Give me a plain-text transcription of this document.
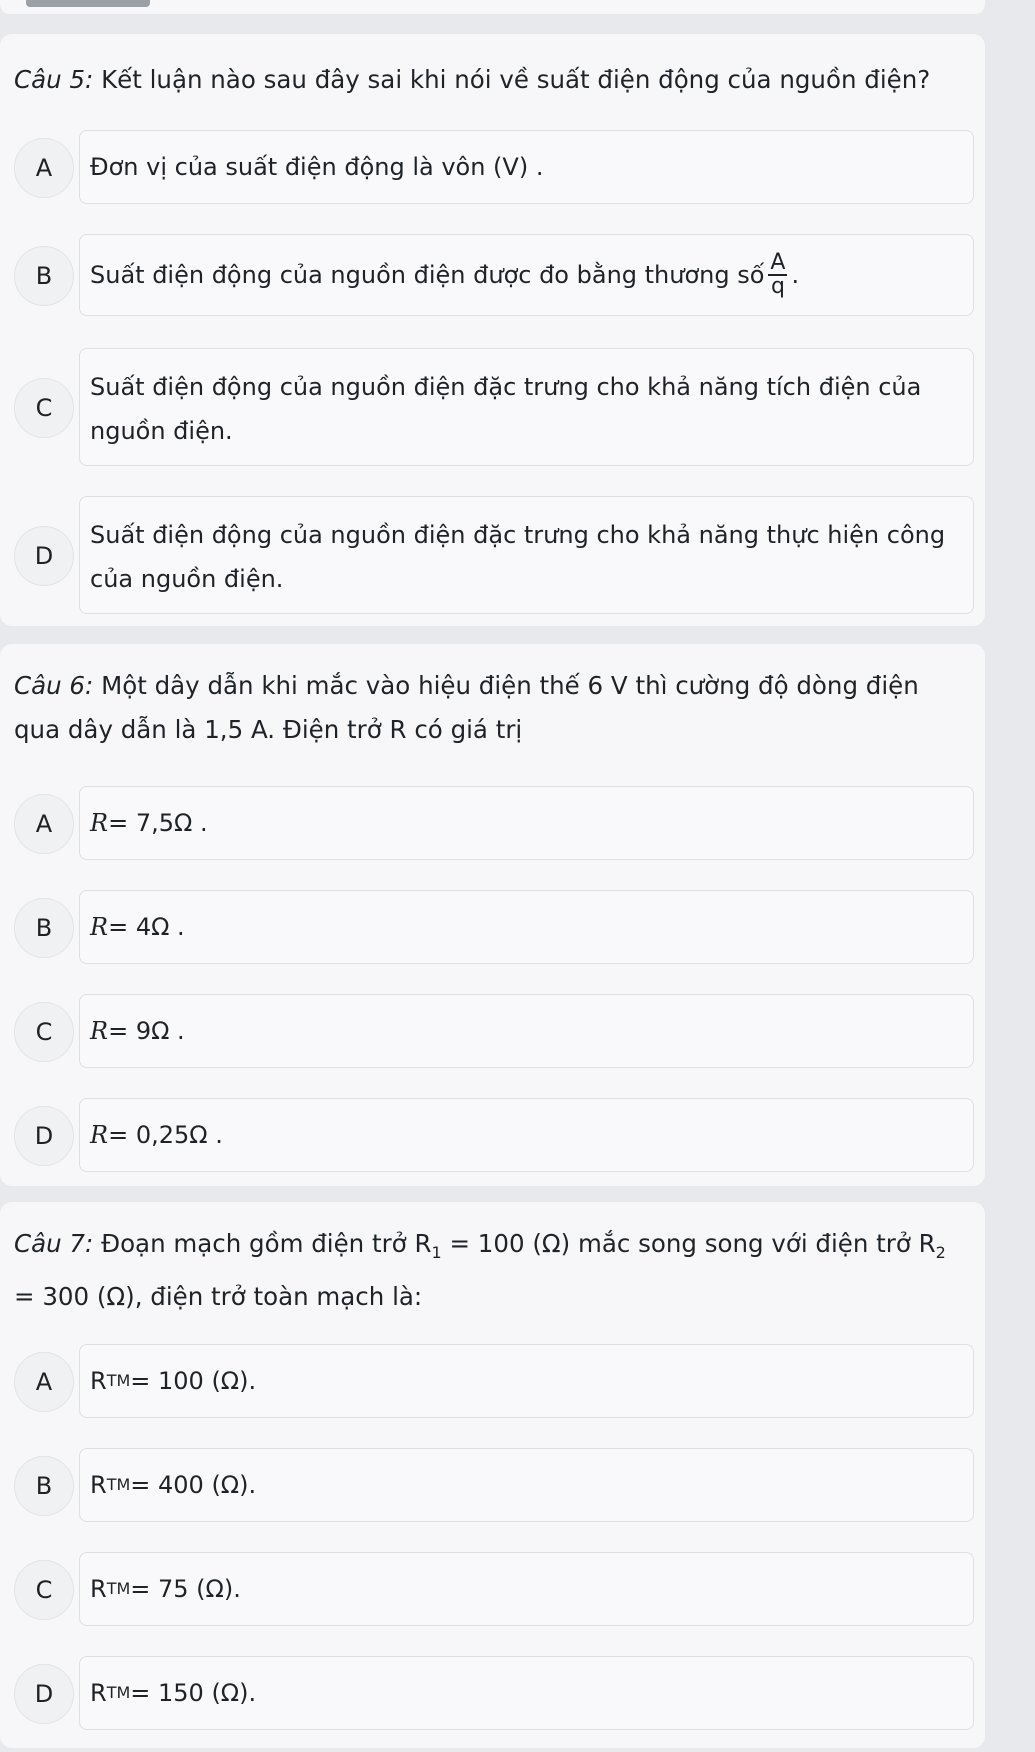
Câu 5: Kết luận nào sau đây sai khi nói về suất điện động của nguồn điện?
A	Đơn vị của suất điện động là vôn (V) .
B	Suất điện động của nguồn điện được đo bằng thương số $\frac{A}{q}$ .
C
Suất điện động của nguồn điện đặc trưng cho khả năng tích điện của nguồn điện.
D
Suất điện động của nguồn điện đặc trưng cho khả năng thực hiện công của nguồn điện.
Câu 6: Một dây dẫn khi mắc vào hiệu điện thế 6 V thì cường độ dòng điện qua dây dẫn là 1,5 A. Điện trở R có giá trị
A	R = 7,5Ω .
B	R = 4Ω .
C	R = 9Ω .
D	R = 0,25Ω .
Câu 7: Đoạn mạch gồm điện trở $R_1 = 100$ (Ω) mắc song song với điện trở $R_2 = 300$ (Ω), điện trở toàn mạch là:
A	R TM = 100 (Ω).
B	R TM = 400 (Ω).
C	R TM = 75 (Ω).
D	R TM = 150 (Ω).
